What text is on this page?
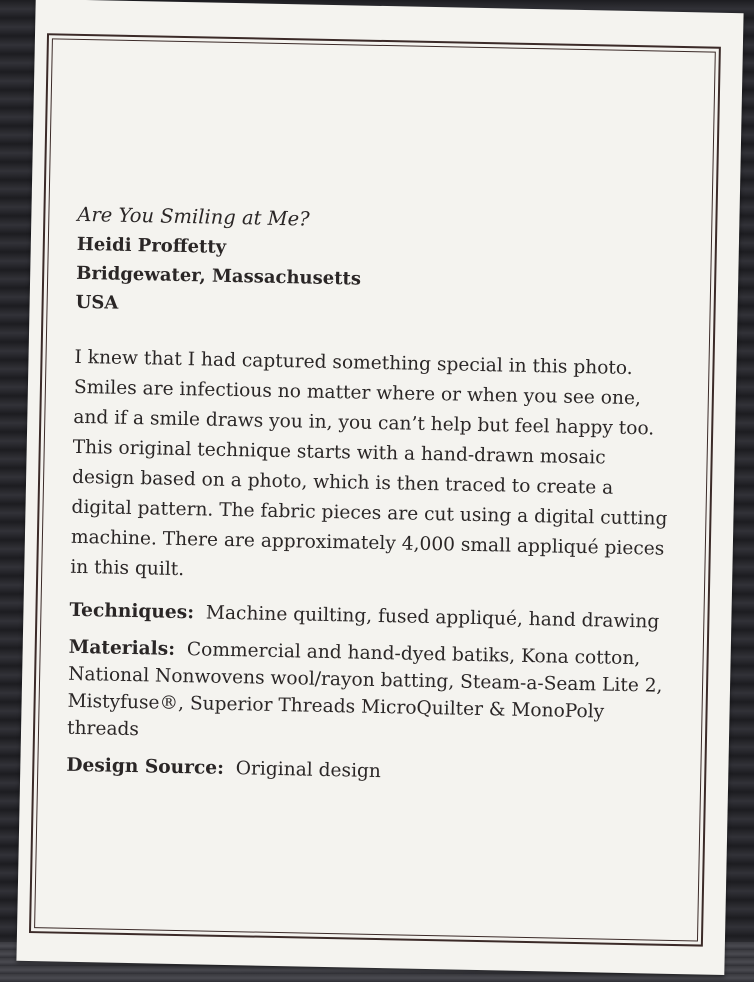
Are You Smiling at Me?

Heidi Proffetty

Bridgewater, Massachusetts

USA

I knew that I had captured something special in this photo. Smiles are infectious no matter where or when you see one, and if a smile draws you in, you can’t help but feel happy too. This original technique starts with a hand-drawn mosaic design based on a photo, which is then traced to create a digital pattern. The fabric pieces are cut using a digital cutting machine. There are approximately 4,000 small appliqué pieces in this quilt.

Techniques: Machine quilting, fused appliqué, hand drawing

Materials: Commercial and hand-dyed batiks, Kona cotton, National Nonwovens wool/rayon batting, Steam-a-Seam Lite 2, Mistyfuse®, Superior Threads MicroQuilter & MonoPoly threads

Design Source: Original design
